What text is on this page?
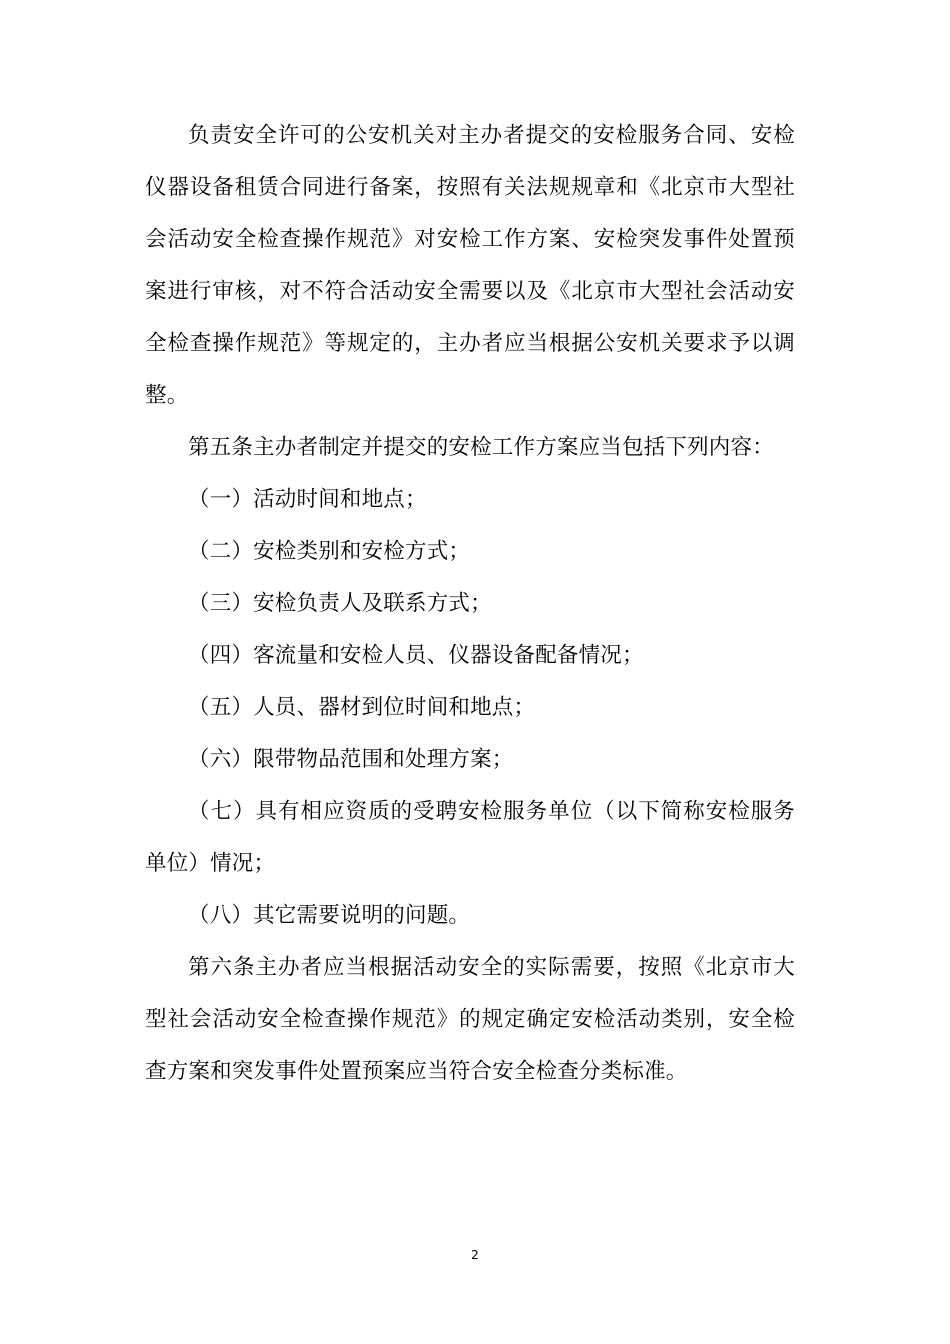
负责安全许可的公安机关对主办者提交的安检服务合同、安检仪器设备租赁合同进行备案，按照有关法规规章和《北京市大型社会活动安全检查操作规范》对安检工作方案、安检突发事件处置预案进行审核，对不符合活动安全需要以及《北京市大型社会活动安全检查操作规范》等规定的，主办者应当根据公安机关要求予以调整。

第五条主办者制定并提交的安检工作方案应当包括下列内容：

（一）活动时间和地点；

（二）安检类别和安检方式；

（三）安检负责人及联系方式；

（四）客流量和安检人员、仪器设备配备情况；

（五）人员、器材到位时间和地点；

（六）限带物品范围和处理方案；

（七）具有相应资质的受聘安检服务单位（以下简称安检服务单位）情况；

（八）其它需要说明的问题。

第六条主办者应当根据活动安全的实际需要，按照《北京市大型社会活动安全检查操作规范》的规定确定安检活动类别，安全检查方案和突发事件处置预案应当符合安全检查分类标准。

2
